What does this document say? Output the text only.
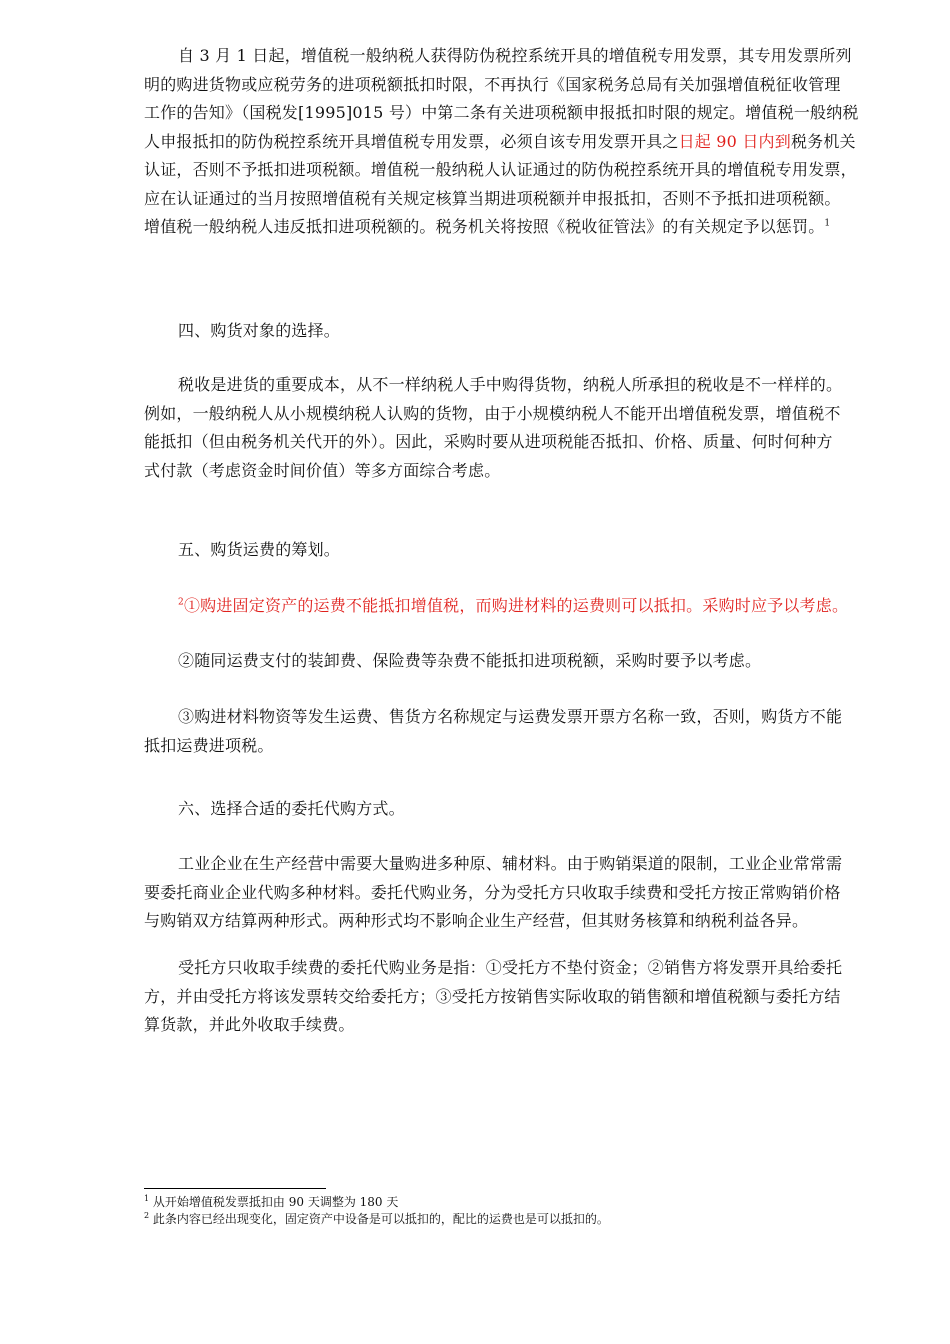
自 3 月 1 日起，增值税一般纳税人获得防伪税控系统开具的增值税专用发票，其专用发票所列
明的购进货物或应税劳务的进项税额抵扣时限，不再执行《国家税务总局有关加强增值税征收管理
工作的告知》（国税发[1995]015 号）中第二条有关进项税额申报抵扣时限的规定。增值税一般纳税
人申报抵扣的防伪税控系统开具增值税专用发票，必须自该专用发票开具之日起 90 日内到税务机关
认证，否则不予抵扣进项税额。增值税一般纳税人认证通过的防伪税控系统开具的增值税专用发票，
应在认证通过的当月按照增值税有关规定核算当期进项税额并申报抵扣，否则不予抵扣进项税额。
增值税一般纳税人违反抵扣进项税额的。税务机关将按照《税收征管法》的有关规定予以惩罚。$^1$
四、购货对象的选择。
税收是进货的重要成本，从不一样纳税人手中购得货物，纳税人所承担的税收是不一样样的。
例如，一般纳税人从小规模纳税人认购的货物，由于小规模纳税人不能开出增值税发票，增值税不
能抵扣（但由税务机关代开的外）。因此，采购时要从进项税能否抵扣、价格、质量、何时何种方
式付款（考虑资金时间价值）等多方面综合考虑。
五、购货运费的筹划。
$^2$①购进固定资产的运费不能抵扣增值税，而购进材料的运费则可以抵扣。采购时应予以考虑。
②随同运费支付的装卸费、保险费等杂费不能抵扣进项税额，采购时要予以考虑。
③购进材料物资等发生运费、售货方名称规定与运费发票开票方名称一致，否则，购货方不能
抵扣运费进项税。
六、选择合适的委托代购方式。
工业企业在生产经营中需要大量购进多种原、辅材料。由于购销渠道的限制，工业企业常常需
要委托商业企业代购多种材料。委托代购业务，分为受托方只收取手续费和受托方按正常购销价格
与购销双方结算两种形式。两种形式均不影响企业生产经营，但其财务核算和纳税利益各异。
受托方只收取手续费的委托代购业务是指：①受托方不垫付资金；②销售方将发票开具给委托
方，并由受托方将该发票转交给委托方；③受托方按销售实际收取的销售额和增值税额与委托方结
算货款，并此外收取手续费。
$^1$ 从开始增值税发票抵扣由 90 天调整为 180 天
$^2$ 此条内容已经出现变化，固定资产中设备是可以抵扣的，配比的运费也是可以抵扣的。
